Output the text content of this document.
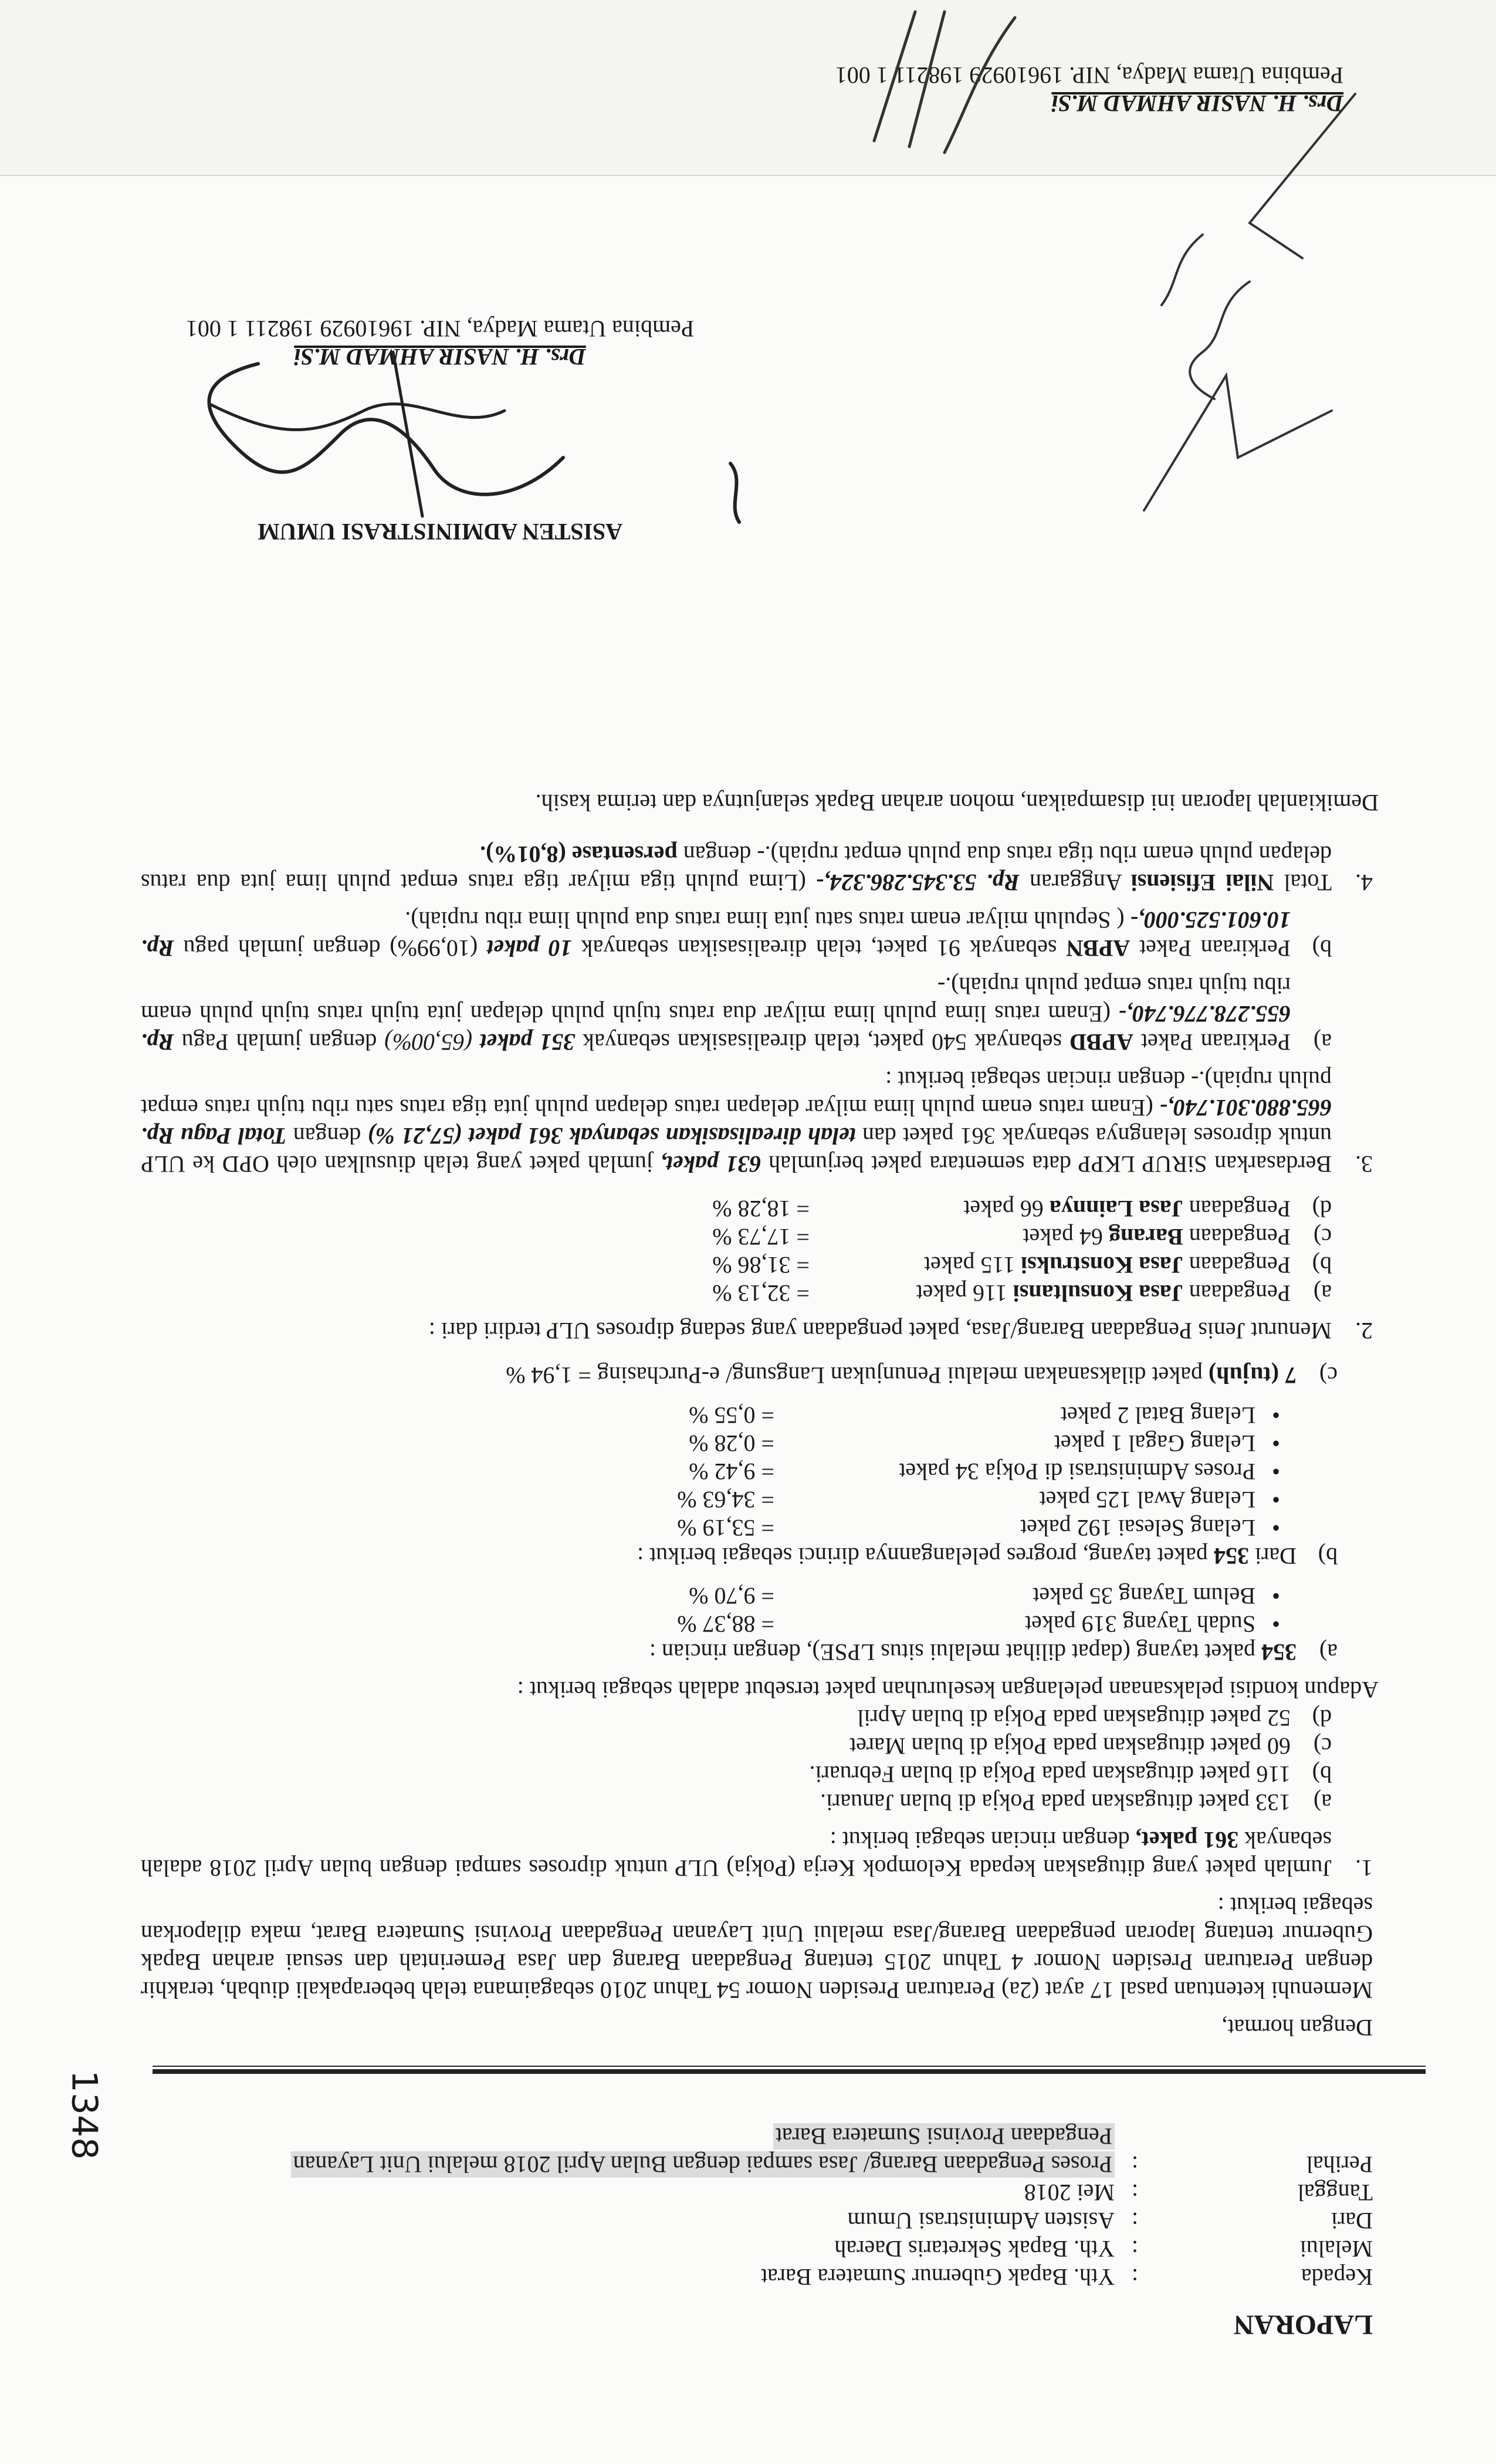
LAPORAN
Kepada
:
Yth. Bapak Gubernur Sumatera Barat
Melalui
:
Yth. Bapak Sekretaris Daerah
Dari
:
Asisten Administrasi Umum
Tanggal
:
Mei 2018
Perihal
:
Proses Pengadaan Barang/ Jasa sampai dengan Bulan April 2018 melalui Unit Layanan
Pengadaan Provinsi Sumatera Barat
1348

Dengan hormat,

Memenuhi ketentuan pasal 17 ayat (2a) Peraturan Presiden Nomor 54 Tahun 2010 sebagaimana telah beberapakali diubah, terakhir dengan Peraturan Presiden Nomor 4 Tahun 2015 tentang Pengadaan Barang dan Jasa Pemerintah dan sesuai arahan Bapak Gubernur tentang laporan pengadaan Barang/Jasa melalui Unit Layanan Pengadaan Provinsi Sumatera Barat, maka dilaporkan sebagai berikut :

1.

Jumlah paket yang ditugaskan kepada Kelompok Kerja (Pokja) ULP untuk diproses sampai dengan bulan April 2018 adalah sebanyak 361 paket, dengan rincian sebagai berikut :

a)
133 paket ditugaskan pada Pokja di bulan Januari.
b)
116 paket ditugaskan pada Pokja di bulan Februari.
c)
60 paket ditugaskan pada Pokja di bulan Maret
d)
52 paket ditugaskan pada Pokja di bulan April

Adapun kondisi pelaksanaan pelelangan keseluruhan paket tersebut adalah sebagai berikut :

a)
354 paket tayang (dapat dilihat melalui situs LPSE), dengan rincian :
•
Sudah Tayang 319 paket
= 88,37 %
•
Belum Tayang 35 paket
= 9,70 %
b)
Dari 354 paket tayang, progres pelelangannya dirinci sebagai berikut :
•
Lelang Selesai 192 paket
= 53,19 %
•
Lelang Awal 125 paket
= 34,63 %
•
Proses Administrasi di Pokja 34 paket
= 9,42 %
•
Lelang Gagal 1 paket
= 0,28 %
•
Lelang Batal 2 paket
= 0,55 %
c)
7 (tujuh) paket dilaksanakan melalui Penunjukan Langsung/ e-Purchasing = 1,94 %
2.

Menurut Jenis Pengadaan Barang/Jasa, paket pengadaan yang sedang diproses ULP terdiri dari :

a)
Pengadaan Jasa Konsultansi 116 paket
= 32,13 %
b)
Pengadaan Jasa Konstruksi 115 paket
= 31,86 %
c)
Pengadaan Barang 64 paket
= 17,73 %
d)
Pengadaan Jasa Lainnya 66 paket
= 18,28 %
3.

Berdasarkan SiRUP LKPP data sementara paket berjumlah 631 paket, jumlah paket yang telah diusulkan oleh OPD ke ULP untuk diproses lelangnya sebanyak 361 paket dan telah direalisasikan sebanyak 361 paket (57,21 %) dengan Total Pagu Rp. 665.880.301.740,- (Enam ratus enam puluh lima milyar delapan ratus delapan puluh juta tiga ratus satu ribu tujuh ratus empat puluh rupiah).- dengan rincian sebagai berikut :

a)

Perkiraan Paket APBD sebanyak 540 paket, telah direalisasikan sebanyak 351 paket (65,00%) dengan jumlah Pagu Rp. 655.278.776.740,- (Enam ratus lima puluh lima milyar dua ratus tujuh puluh delapan juta tujuh ratus tujuh puluh enam ribu tujuh ratus empat puluh rupiah).-

b)

Perkiraan Paket APBN sebanyak 91 paket, telah direalisasikan sebanyak 10 paket (10,99%) dengan jumlah pagu Rp. 10.601.525.000,- ( Sepuluh milyar enam ratus satu juta lima ratus dua puluh lima ribu rupiah).

4.

Total Nilai Efisiensi Anggaran Rp. 53.345.286.324,- (Lima puluh tiga milyar tiga ratus empat puluh lima juta dua ratus delapan puluh enam ribu tiga ratus dua puluh empat rupiah).- dengan persentase (8,01%).

Demikianlah laporan ini disampaikan, mohon arahan Bapak selanjutnya dan terima kasih.

ASISTEN ADMINISTRASI UMUM
Drs. H. NASIR AHMAD M.Si
Pembina Utama Madya, NIP. 19610929 198211 1 001
Drs. H. NASIR AHMAD M.Si
Pembina Utama Madya, NIP. 19610929 198211 1 001
